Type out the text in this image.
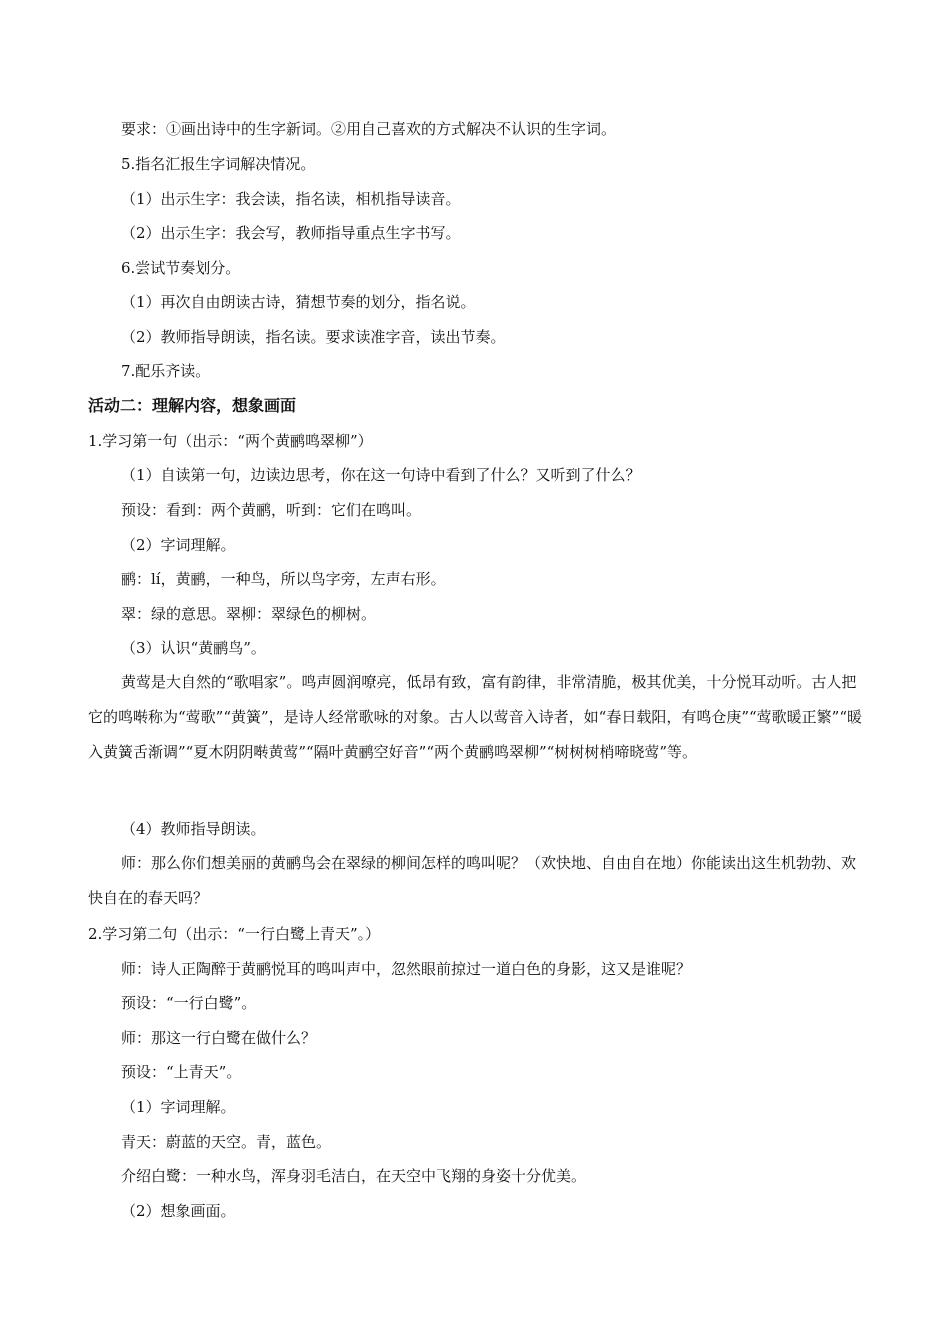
要求：①画出诗中的生字新词。②用自己喜欢的方式解决不认识的生字词。
5.指名汇报生字词解决情况。
（1）出示生字：我会读，指名读，相机指导读音。
（2）出示生字：我会写，教师指导重点生字书写。
6.尝试节奏划分。
（1）再次自由朗读古诗，猜想节奏的划分，指名说。
（2）教师指导朗读，指名读。要求读准字音，读出节奏。
7.配乐齐读。
活动二：理解内容，想象画面
1.学习第一句（出示：“两个黄鹂鸣翠柳”）
（1）自读第一句，边读边思考，你在这一句诗中看到了什么？又听到了什么？
预设：看到：两个黄鹂，听到：它们在鸣叫。
（2）字词理解。
鹂：lí，黄鹂，一种鸟，所以鸟字旁，左声右形。
翠：绿的意思。翠柳：翠绿色的柳树。
（3）认识“黄鹂鸟”。
黄莺是大自然的“歌唱家”。鸣声圆润嘹亮，低昂有致，富有韵律，非常清脆，极其优美，十分悦耳动听。古人把它的鸣啭称为“莺歌”“黄簧”，是诗人经常歌咏的对象。古人以莺音入诗者，如“春日载阳，有鸣仓庚”“莺歌暖正繁”“暖入黄簧舌渐调”“夏木阴阴啭黄莺”“隔叶黄鹂空好音”“两个黄鹂鸣翠柳”“树树树梢啼晓莺”等。
（4）教师指导朗读。
师：那么你们想美丽的黄鹂鸟会在翠绿的柳间怎样的鸣叫呢？（欢快地、自由自在地）你能读出这生机勃勃、欢快自在的春天吗？
2.学习第二句（出示：“一行白鹭上青天”。）
师：诗人正陶醉于黄鹂悦耳的鸣叫声中，忽然眼前掠过一道白色的身影，这又是谁呢？
预设：“一行白鹭”。
师：那这一行白鹭在做什么？
预设：“上青天”。
（1）字词理解。
青天：蔚蓝的天空。青，蓝色。
介绍白鹭：一种水鸟，浑身羽毛洁白，在天空中飞翔的身姿十分优美。
（2）想象画面。
